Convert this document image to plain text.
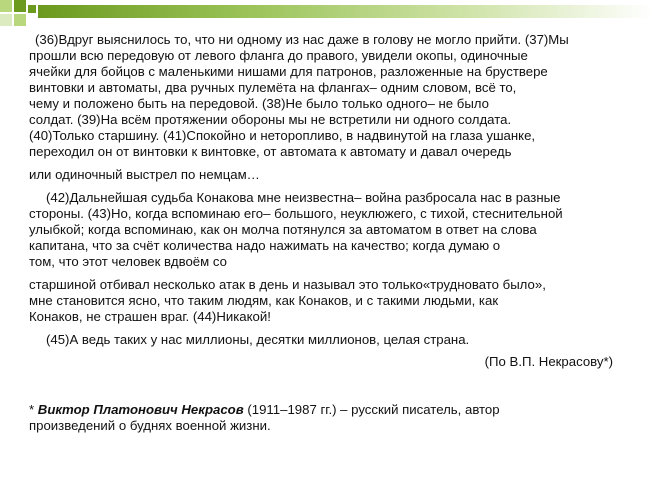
(36)Вдруг выяснилось то, что ни одному из нас даже в голову не могло прийти. (37)Мы
прошли всю передовую от левого фланга до правого, увидели окопы, одиночные
ячейки для бойцов с маленькими нишами для патронов, разложенные на бруствере
винтовки и автоматы, два ручных пулемёта на флангах– одним словом, всё то,
чему и положено быть на передовой. (38)Не было только одного– не было
солдат. (39)На всём протяжении обороны мы не встретили ни одного солдата.
(40)Только старшину. (41)Спокойно и неторопливо, в надвинутой на глаза ушанке,
переходил он от винтовки к винтовке, от автомата к автомату и давал очередь
или одиночный выстрел по немцам…
(42)Дальнейшая судьба Конакова мне неизвестна– война разбросала нас в разные
стороны. (43)Но, когда вспоминаю его– большого, неуклюжего, с тихой, стеснительной
улыбкой; когда вспоминаю, как он молча потянулся за автоматом в ответ на слова
капитана, что за счёт количества надо нажимать на качество; когда думаю о
том, что этот человек вдвоём со
старшиной отбивал несколько атак в день и называл это только«трудновато было»,
мне становится ясно, что таким людям, как Конаков, и с такими людьми, как
Конаков, не страшен враг. (44)Никакой!
(45)А ведь таких у нас миллионы, десятки миллионов, целая страна.
(По В.П. Некрасову*)
* Виктор Платонович Некрасов (1911–1987 гг.) – русский писатель, автор
произведений о буднях военной жизни.
